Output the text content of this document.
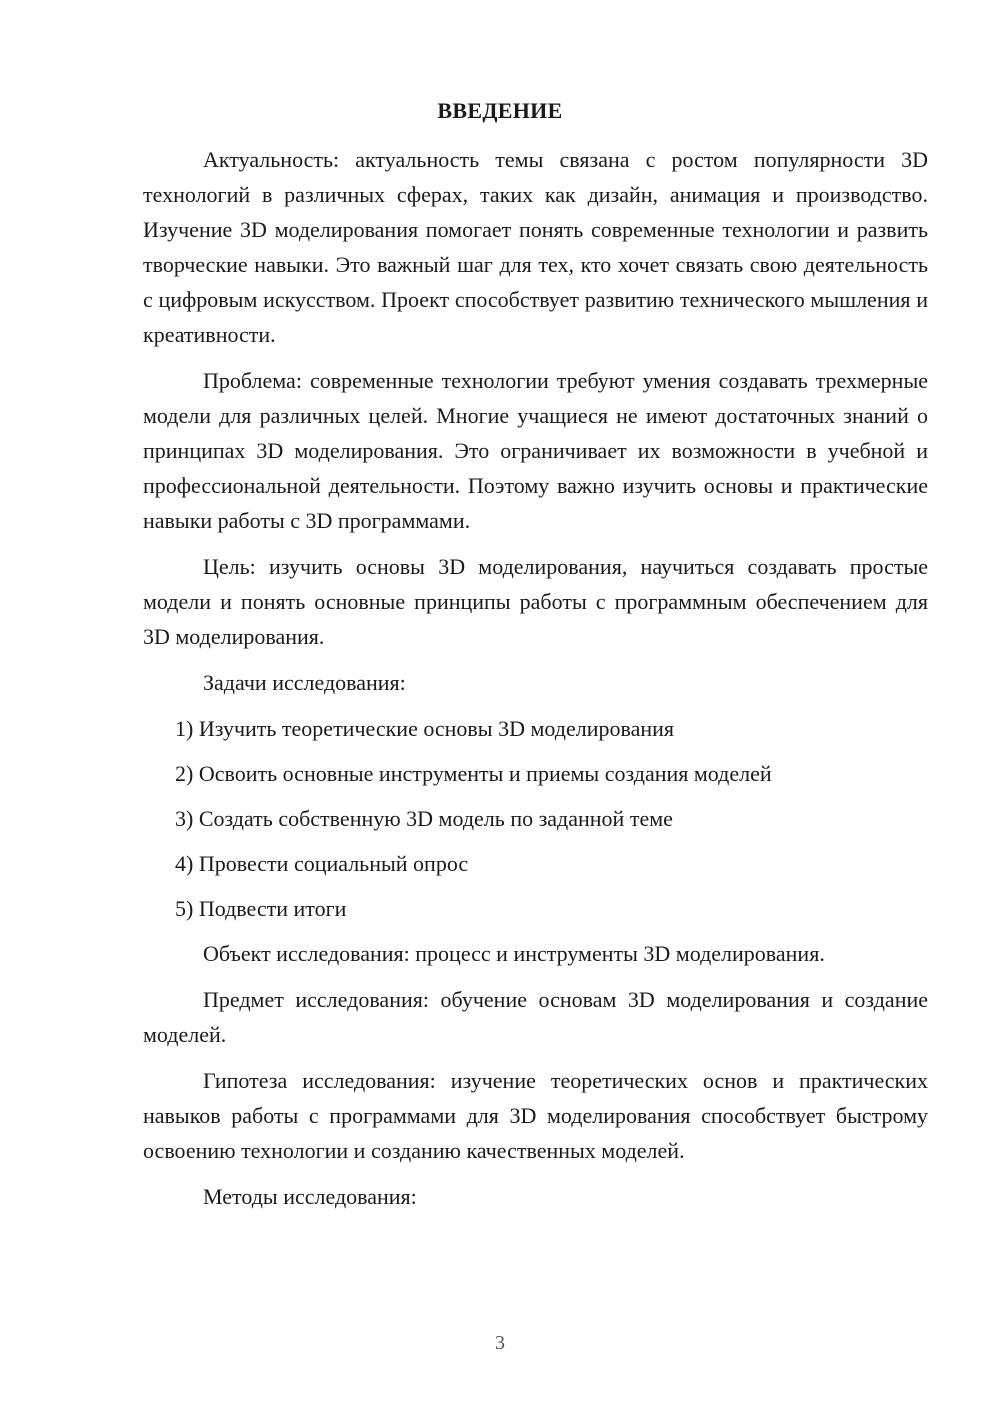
ВВЕДЕНИЕ

Актуальность: актуальность темы связана с ростом популярности 3D технологий в различных сферах, таких как дизайн, анимация и производство. Изучение 3D моделирования помогает понять современные технологии и развить творческие навыки. Это важный шаг для тех, кто хочет связать свою деятельность с цифровым искусством. Проект способствует развитию технического мышления и креативности.

Проблема: современные технологии требуют умения создавать трехмерные модели для различных целей. Многие учащиеся не имеют достаточных знаний о принципах 3D моделирования. Это ограничивает их возможности в учебной и профессиональной деятельности. Поэтому важно изучить основы и практические навыки работы с 3D программами.

Цель: изучить основы 3D моделирования, научиться создавать простые модели и понять основные принципы работы с программным обеспечением для 3D моделирования.

Задачи исследования:

1) Изучить теоретические основы 3D моделирования

2) Освоить основные инструменты и приемы создания моделей

3) Создать собственную 3D модель по заданной теме

4) Провести социальный опрос

5) Подвести итоги

Объект исследования: процесс и инструменты 3D моделирования.

Предмет исследования: обучение основам 3D моделирования и создание моделей.

Гипотеза исследования: изучение теоретических основ и практических навыков работы с программами для 3D моделирования способствует быстрому освоению технологии и созданию качественных моделей.

Методы исследования:

3
